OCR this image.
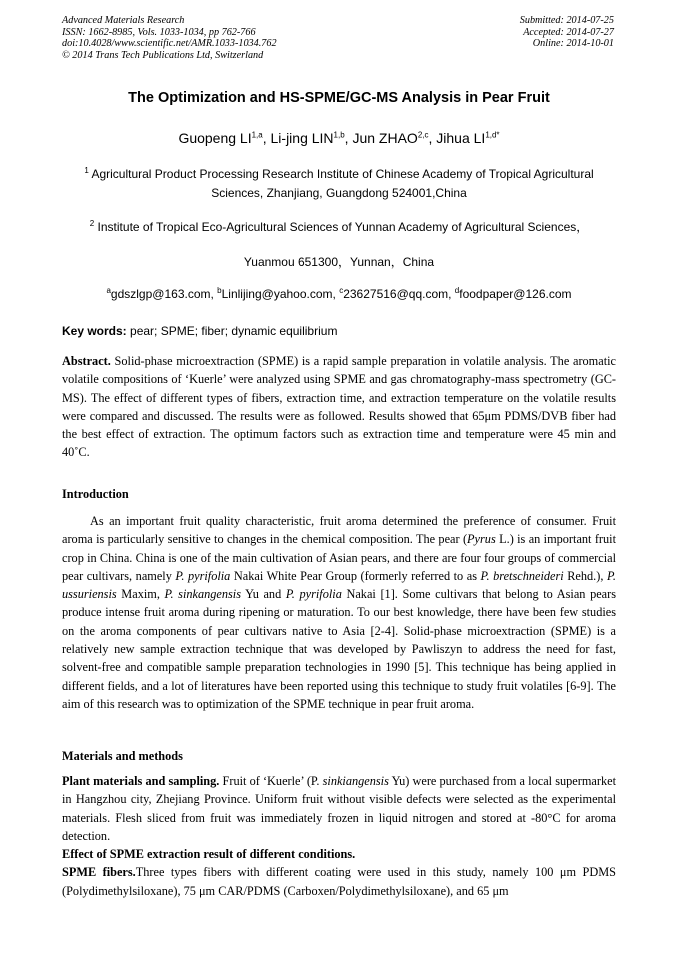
Advanced Materials Research
ISSN: 1662-8985, Vols. 1033-1034, pp 762-766
doi:10.4028/www.scientific.net/AMR.1033-1034.762
© 2014 Trans Tech Publications Ltd, Switzerland
Submitted: 2014-07-25
Accepted: 2014-07-27
Online: 2014-10-01
The Optimization and HS-SPME/GC-MS Analysis in Pear Fruit
Guopeng LI$^{1,a}$, Li-jing LIN$^{1,b}$, Jun ZHAO$^{2,c}$, Jihua $LI^{1,d*}$
$^1$ Agricultural Product Processing Research Institute of Chinese Academy of Tropical Agricultural
Sciences, Zhanjiang, Guangdong 524001,China
$^2$ Institute of Tropical Eco-Agricultural Sciences of Yunnan Academy of Agricultural Sciences，
Yuanmou 651300，Yunnan，China
$^a$gdszlgp@163.com, $^b$Linlijing@yahoo.com, $^c$23627516@qq.com, $^d$foodpaper@126.com
Key words: pear; SPME; fiber; dynamic equilibrium

Abstract. Solid-phase microextraction (SPME) is a rapid sample preparation in volatile analysis. The aromatic volatile compositions of ‘Kuerle’ were analyzed using SPME and gas chromatography-mass spectrometry (GC-MS). The effect of different types of fibers, extraction time, and extraction temperature on the volatile results were compared and discussed. The results were as followed. Results showed that 65μm PDMS/DVB fiber had the best effect of extraction. The optimum factors such as extraction time and temperature were 45 min and 40˚C.

Introduction

As an important fruit quality characteristic, fruit aroma determined the preference of consumer. Fruit aroma is particularly sensitive to changes in the chemical composition. The pear (Pyrus L.) is an important fruit crop in China. China is one of the main cultivation of Asian pears, and there are four four groups of commercial pear cultivars, namely P. pyrifolia Nakai White Pear Group (formerly referred to as P. bretschneideri Rehd.), P. ussuriensis Maxim, P. sinkangensis Yu and P. pyrifolia Nakai [1]. Some cultivars that belong to Asian pears produce intense fruit aroma during ripening or maturation. To our best knowledge, there have been few studies on the aroma components of pear cultivars native to Asia [2-4]. Solid-phase microextraction (SPME) is a relatively new sample extraction technique that was developed by Pawliszyn to address the need for fast, solvent-free and compatible sample preparation technologies in 1990 [5]. This technique has being applied in different fields, and a lot of literatures have been reported using this technique to study fruit volatiles [6-9]. The aim of this research was to optimization of the SPME technique in pear fruit aroma.

Materials and methods

Plant materials and sampling. Fruit of ‘Kuerle’ (P. sinkiangensis Yu) were purchased from a local supermarket in Hangzhou city, Zhejiang Province. Uniform fruit without visible defects were selected as the experimental materials. Flesh sliced from fruit was immediately frozen in liquid nitrogen and stored at -80°C for aroma detection.

Effect of SPME extraction result of different conditions.

SPME fibers.Three types fibers with different coating were used in this study, namely 100 μm PDMS (Polydimethylsiloxane), 75 μm CAR/PDMS (Carboxen/Polydimethylsiloxane), and 65 μm
